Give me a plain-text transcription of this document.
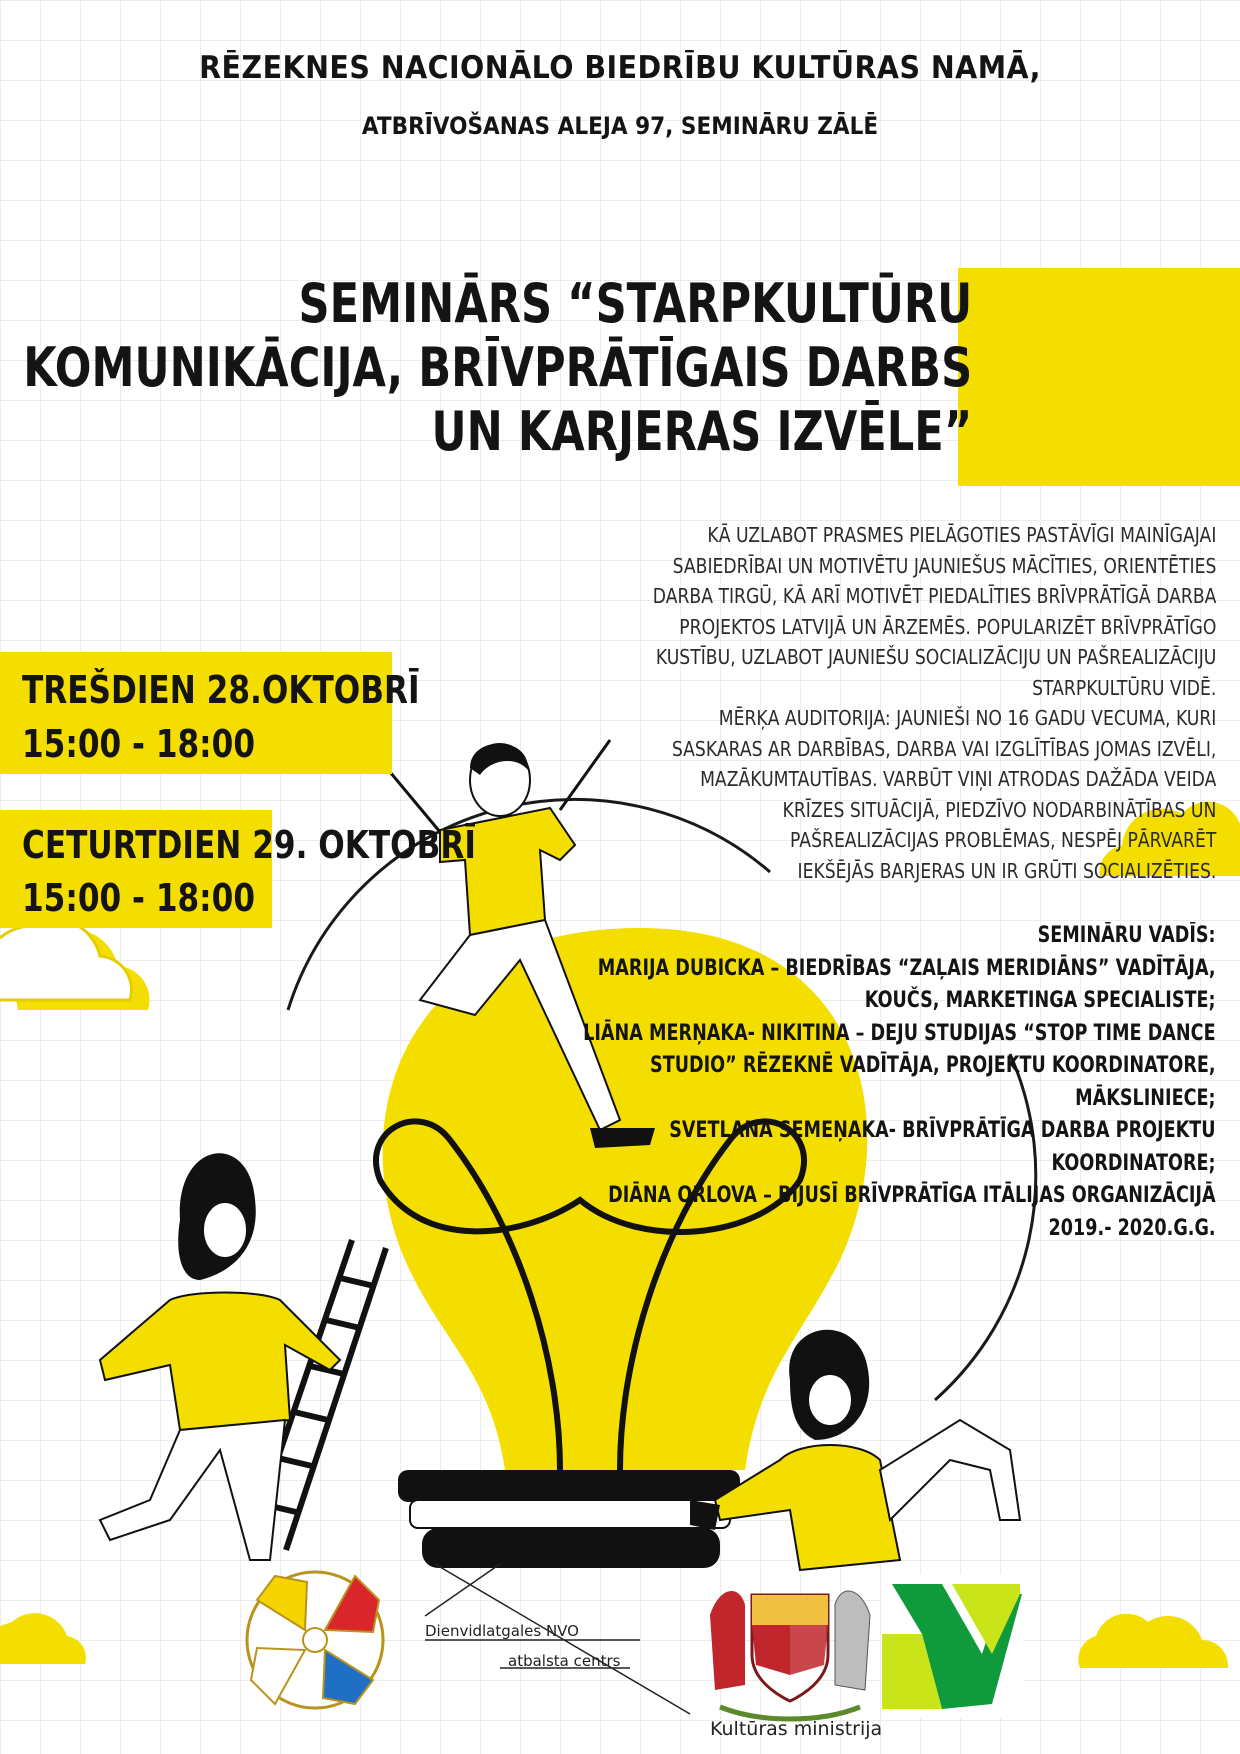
RĒZEKNES NACIONĀLO BIEDRĪBU KULTŪRAS NAMĀ,
ATBRĪVOŠANAS ALEJA 97, SEMINĀRU ZĀLĒ
SEMINĀRS “STARPKULTŪRU
KOMUNIKĀCIJA, BRĪVPRĀTĪGAIS DARBS
UN KARJERAS IZVĒLE”
KĀ UZLABOT PRASMES PIELĀGOTIES PASTĀVĪGI MAINĪGAJAI
SABIEDRĪBAI UN MOTIVĒTU JAUNIEŠUS MĀCĪTIES, ORIENTĒTIES
DARBA TIRGŪ, KĀ ARĪ MOTIVĒT PIEDALĪTIES BRĪVPRĀTĪGĀ DARBA
PROJEKTOS LATVIJĀ UN ĀRZEMĒS. POPULARIZĒT BRĪVPRĀTĪGO
KUSTĪBU, UZLABOT JAUNIEŠU SOCIALIZĀCIJU UN PAŠREALIZĀCIJU
STARPKULTŪRU VIDĒ.
MĒRĶA AUDITORIJA: JAUNIEŠI NO 16 GADU VECUMA, KURI
SASKARAS AR DARBĪBAS, DARBA VAI IZGLĪTĪBAS JOMAS IZVĒLI,
MAZĀKUMTAUTĪBAS. VARBŪT VIŅI ATRODAS DAŽĀDA VEIDA
KRĪZES SITUĀCIJĀ, PIEDZĪVO NODARBINĀTĪBAS UN
PAŠREALIZĀCIJAS PROBLĒMAS, NESPĒJ PĀRVARĒT
IEKŠĒJĀS BARJERAS UN IR GRŪTI SOCIALIZĒTIES.
TREŠDIEN 28.OKTOBRĪ
15:00 - 18:00
CETURTDIEN 29. OKTOBRĪ
15:00 - 18:00
SEMINĀRU VADĪS:
MARIJA DUBICKA – BIEDRĪBAS “ZAĻAIS MERIDIĀNS” VADĪTĀJA,
KOUČS, MARKETINGA SPECIALISTE;
LIĀNA MERŅAKA- NIKITINA – DEJU STUDIJAS “STOP TIME DANCE
STUDIO” RĒZEKNĒ VADĪTĀJA, PROJEKTU KOORDINATORE,
MĀKSLINIECE;
SVETLANA SEMEŅAKA- BRĪVPRĀTĪGA DARBA PROJEKTU
KOORDINATORE;
DIĀNA ORLOVA – BIJUSĪ BRĪVPRĀTĪGA ITĀLIJAS ORGANIZĀCIJĀ
2019.- 2020.G.G.
Dienvidlatgales NVO
atbalsta centrs
Kultūras ministrija
